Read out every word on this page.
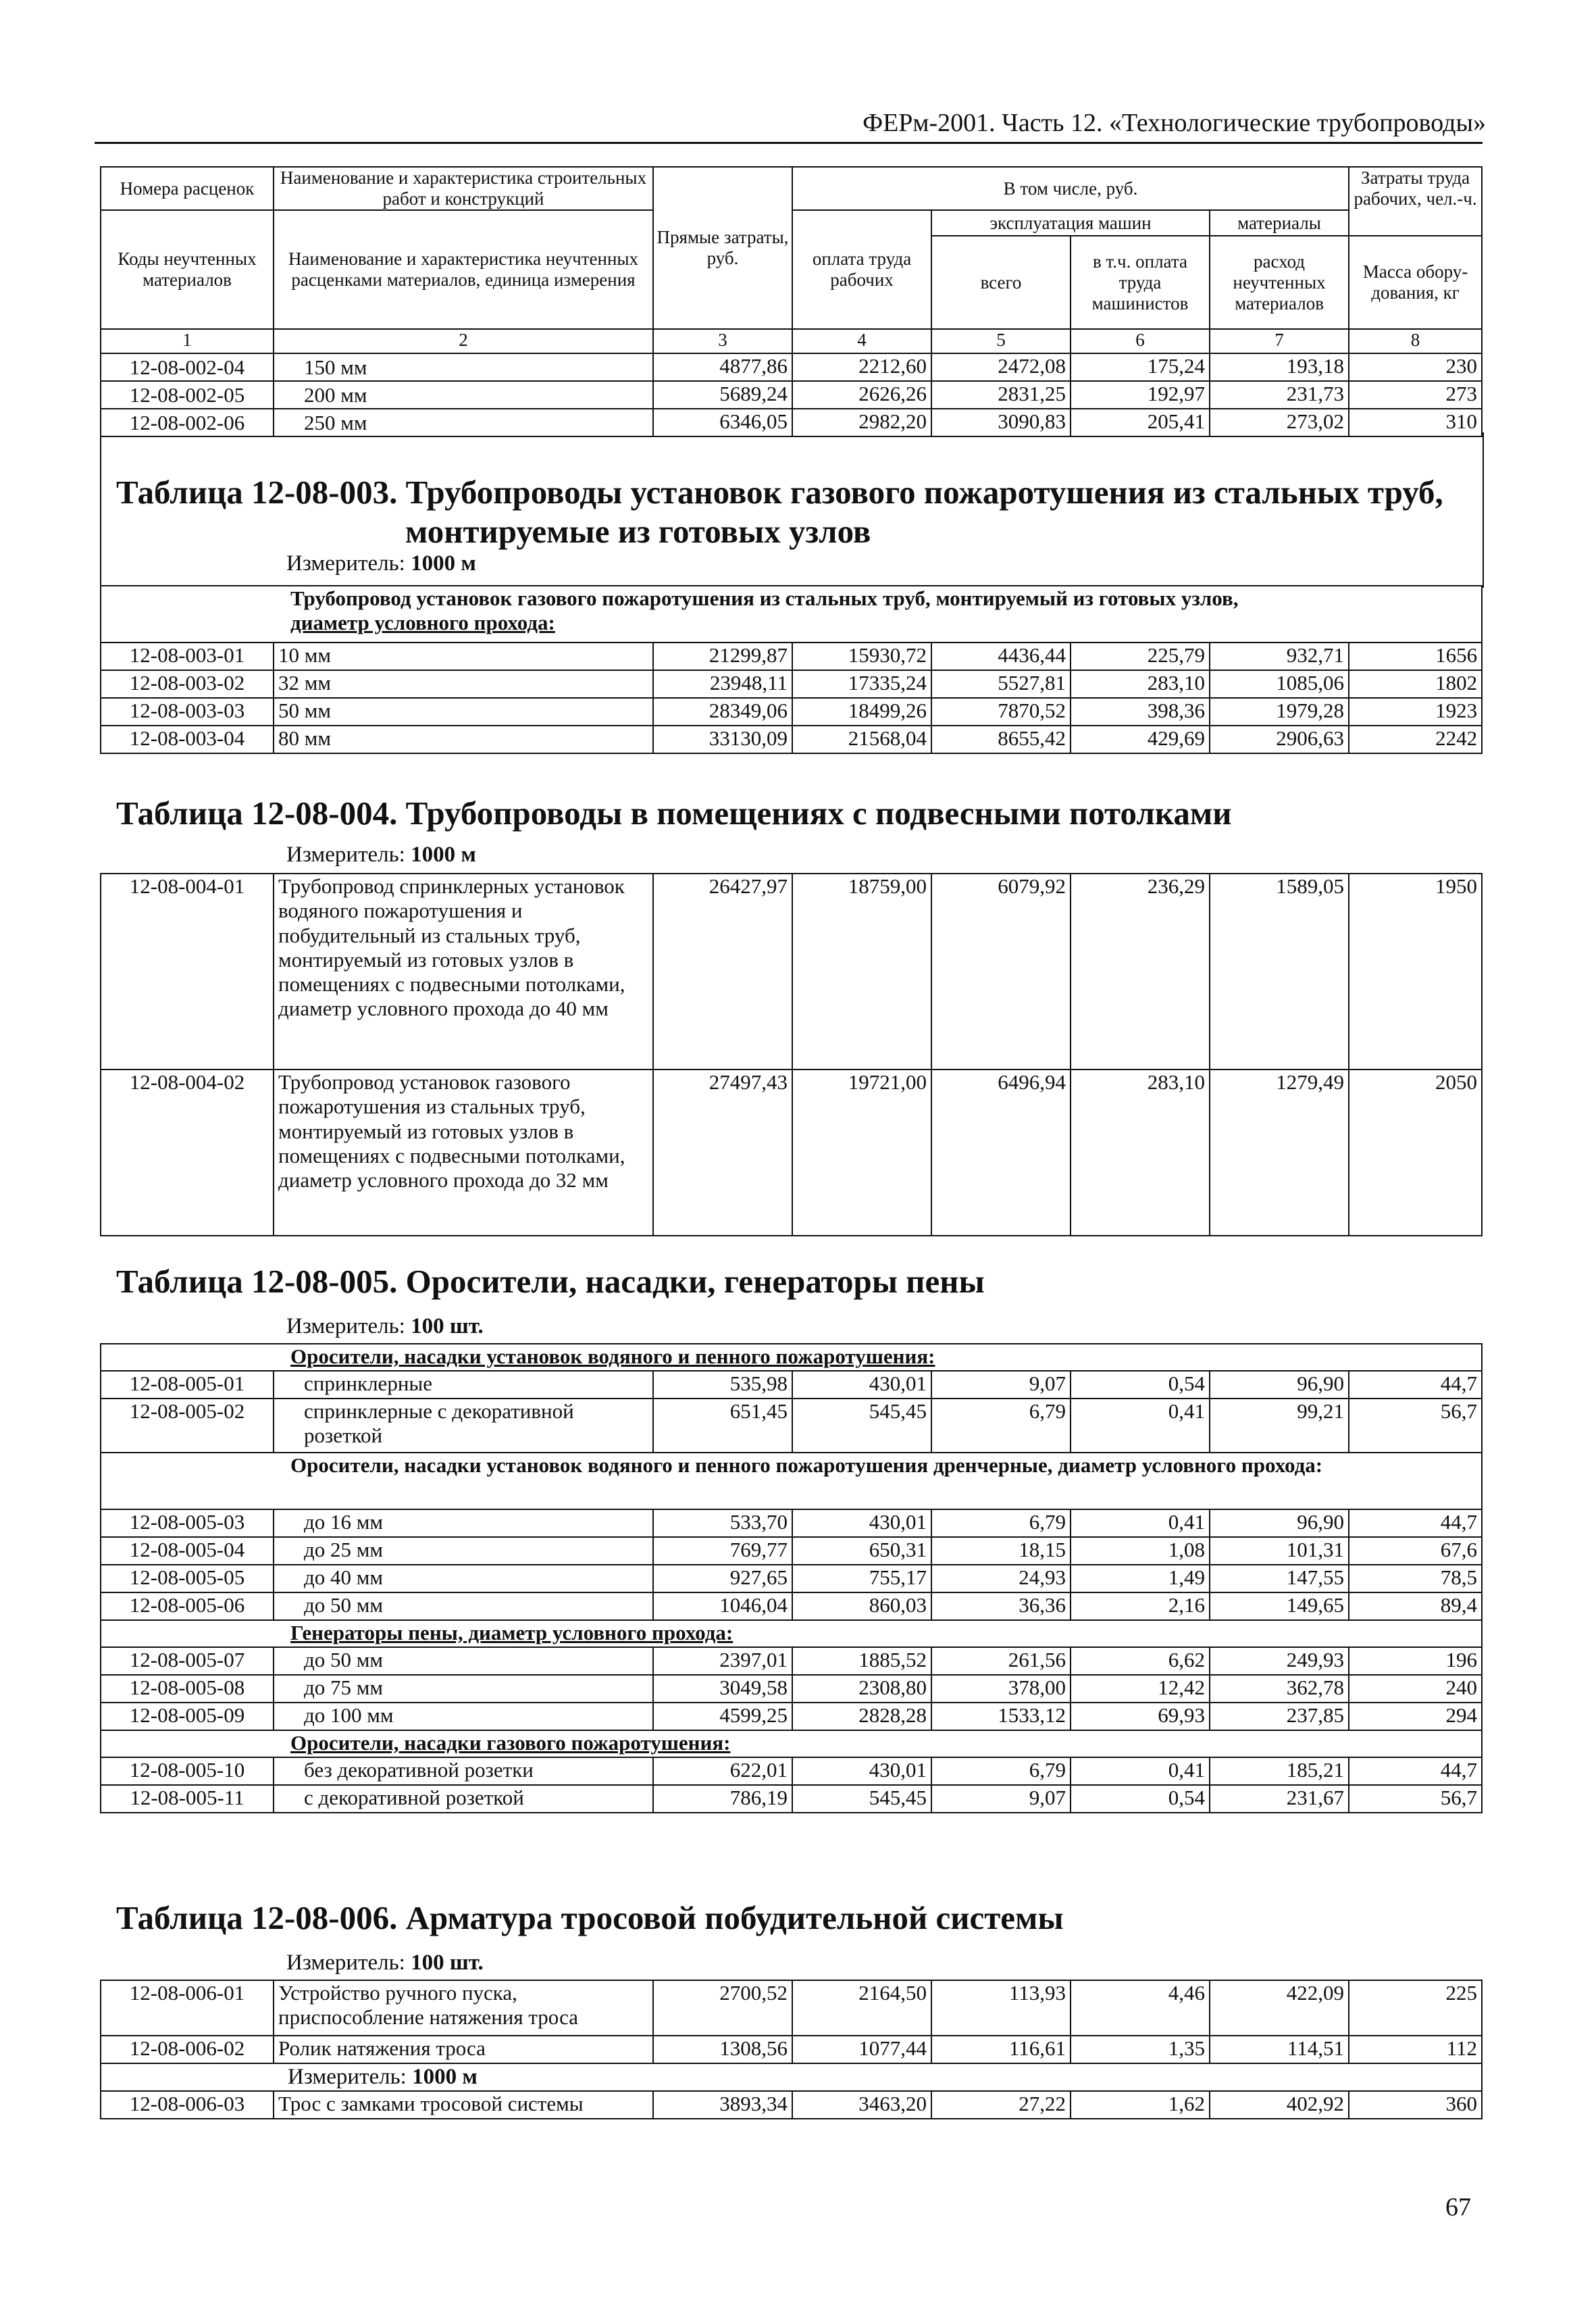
ФЕРм-2001. Часть 12. «Технологические трубопроводы»
Номера расценок	Наименование и характеристика строительных работ и конструкций	Прямые затраты, руб.	В том числе, руб.				Затраты труда рабочих, чел.-ч.
Коды неучтенных материалов	Наименование и характеристика неучтенных расценками материалов, единица измерения		оплата труда рабочих	эксплуатация машин		материалы	
				всего	в т.ч. оплата труда машинистов	расход неучтенных материалов	Масса обору-дования, кг
1	2	3	4	5	6	7	8
12-08-002-04	150 мм	4877,86	2212,60	2472,08	175,24	193,18	230
12-08-002-05	200 мм	5689,24	2626,26	2831,25	192,97	231,73	273
12-08-002-06	250 мм	6346,05	2982,20	3090,83	205,41	273,02	310
Таблица 12-08-003. Трубопроводы установок газового пожаротушения из стальных труб,
монтируемые из готовых узлов
Измеритель: 1000 м
Трубопровод установок газового пожаротушения из стальных труб, монтируемый из готовых узлов,
диаметр условного прохода:							
12-08-003-01	10 мм	21299,87	15930,72	4436,44	225,79	932,71	1656
12-08-003-02	32 мм	23948,11	17335,24	5527,81	283,10	1085,06	1802
12-08-003-03	50 мм	28349,06	18499,26	7870,52	398,36	1979,28	1923
12-08-003-04	80 мм	33130,09	21568,04	8655,42	429,69	2906,63	2242
Таблица 12-08-004. Трубопроводы в помещениях с подвесными потолками
Измеритель: 1000 м
12-08-004-01	Трубопровод спринклерных установок водяного пожаротушения и побудительный из стальных труб, монтируемый из готовых узлов в помещениях с подвесными потолками, диаметр условного прохода до 40 мм	26427,97	18759,00	6079,92	236,29	1589,05	1950
12-08-004-02	Трубопровод установок газового пожаротушения из стальных труб, монтируемый из готовых узлов в помещениях с подвесными потолками, диаметр условного прохода до 32 мм	27497,43	19721,00	6496,94	283,10	1279,49	2050
Таблица 12-08-005. Оросители, насадки, генераторы пены
Измеритель: 100 шт.
Оросители, насадки установок водяного и пенного пожаротушения:							
12-08-005-01	спринклерные	535,98	430,01	9,07	0,54	96,90	44,7
12-08-005-02	спринклерные с декоративной розеткой	651,45	545,45	6,79	0,41	99,21	56,7
Оросители, насадки установок водяного и пенного пожаротушения дренчерные, диаметр условного прохода:							
12-08-005-03	до 16 мм	533,70	430,01	6,79	0,41	96,90	44,7
12-08-005-04	до 25 мм	769,77	650,31	18,15	1,08	101,31	67,6
12-08-005-05	до 40 мм	927,65	755,17	24,93	1,49	147,55	78,5
12-08-005-06	до 50 мм	1046,04	860,03	36,36	2,16	149,65	89,4
Генераторы пены, диаметр условного прохода:							
12-08-005-07	до 50 мм	2397,01	1885,52	261,56	6,62	249,93	196
12-08-005-08	до 75 мм	3049,58	2308,80	378,00	12,42	362,78	240
12-08-005-09	до 100 мм	4599,25	2828,28	1533,12	69,93	237,85	294
Оросители, насадки газового пожаротушения:							
12-08-005-10	без декоративной розетки	622,01	430,01	6,79	0,41	185,21	44,7
12-08-005-11	с декоративной розеткой	786,19	545,45	9,07	0,54	231,67	56,7
Таблица 12-08-006. Арматура тросовой побудительной системы
Измеритель: 100 шт.
12-08-006-01	Устройство ручного пуска, приспособление натяжения троса	2700,52	2164,50	113,93	4,46	422,09	225
12-08-006-02	Ролик натяжения троса	1308,56	1077,44	116,61	1,35	114,51	112
Измеритель: 1000 м							
12-08-006-03	Трос с замками тросовой системы	3893,34	3463,20	27,22	1,62	402,92	360
67
